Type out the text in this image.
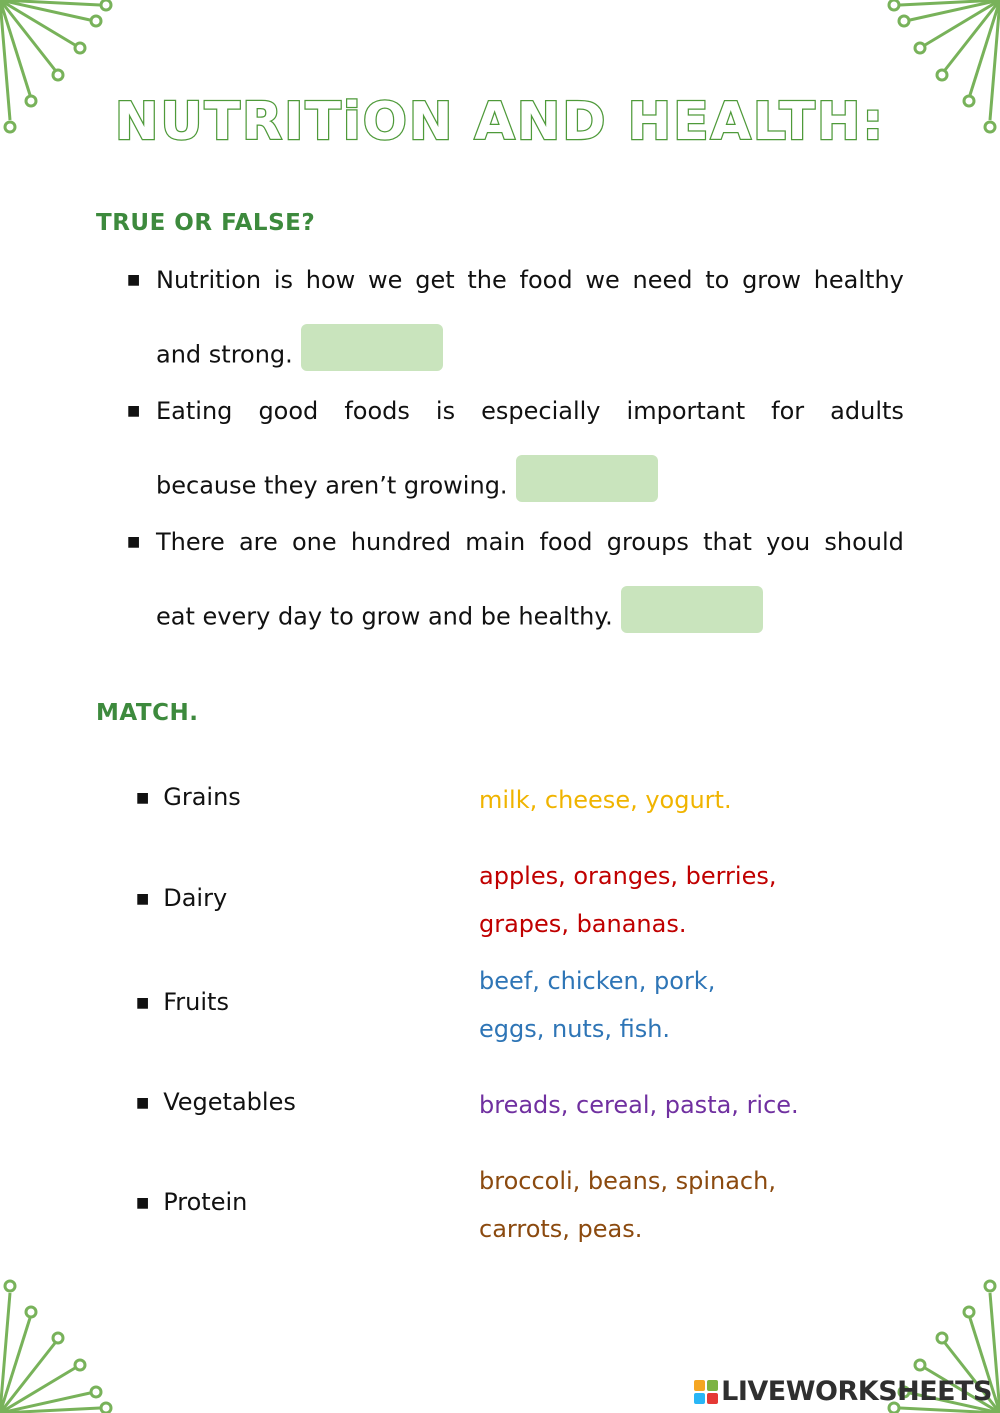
NUTRITiON AND HEALTH:
TRUE OR FALSE?
■ Nutrition is how we get the food we need to grow healthy
and strong.
■ Eating good foods is especially important for adults
because they aren’t growing.
■ There are one hundred main food groups that you should
eat every day to grow and be healthy.
MATCH.
■ Grains
■ Dairy
■ Fruits
■ Vegetables
■ Protein
milk, cheese, yogurt.
apples, oranges, berries,
grapes, bananas.
beef, chicken, pork,
eggs, nuts, fish.
breads, cereal, pasta, rice.
broccoli, beans, spinach,
carrots, peas.
LIVEWORKSHEETS
